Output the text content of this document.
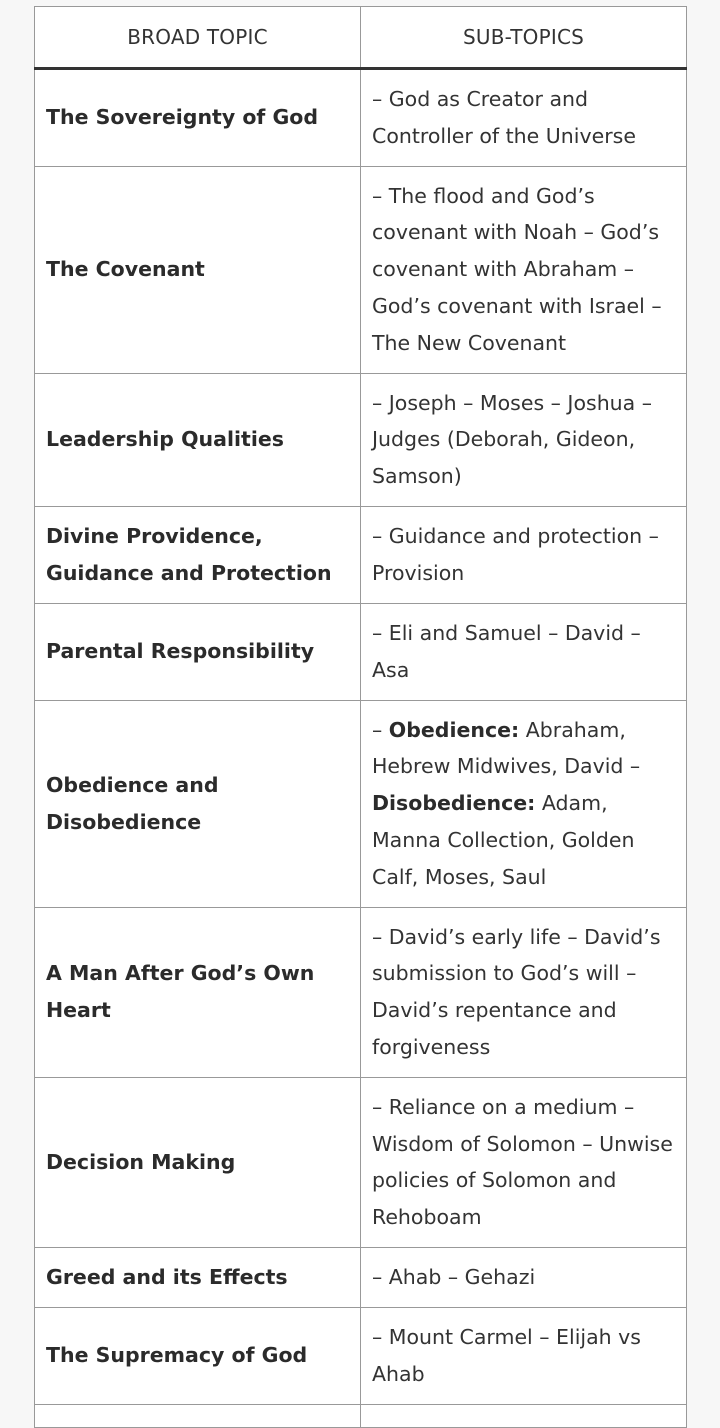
BROAD TOPIC	SUB-TOPICS
The Sovereignty of God	– God as Creator and Controller of the Universe
The Covenant	– The flood and God’s covenant with Noah – God’s covenant with Abraham – God’s covenant with Israel – The New Covenant
Leadership Qualities	– Joseph – Moses – Joshua – Judges (Deborah, Gideon, Samson)
Divine Providence, Guidance and Protection	– Guidance and protection – Provision
Parental Responsibility	– Eli and Samuel – David – Asa
Obedience and Disobedience	– Obedience: Abraham, Hebrew Midwives, David – Disobedience: Adam, Manna Collection, Golden Calf, Moses, Saul
A Man After God’s Own Heart	– David’s early life – David’s submission to God’s will – David’s repentance and forgiveness
Decision Making	– Reliance on a medium – Wisdom of Solomon – Unwise policies of Solomon and Rehoboam
Greed and its Effects	– Ahab – Gehazi
The Supremacy of God	– Mount Carmel – Elijah vs Ahab
